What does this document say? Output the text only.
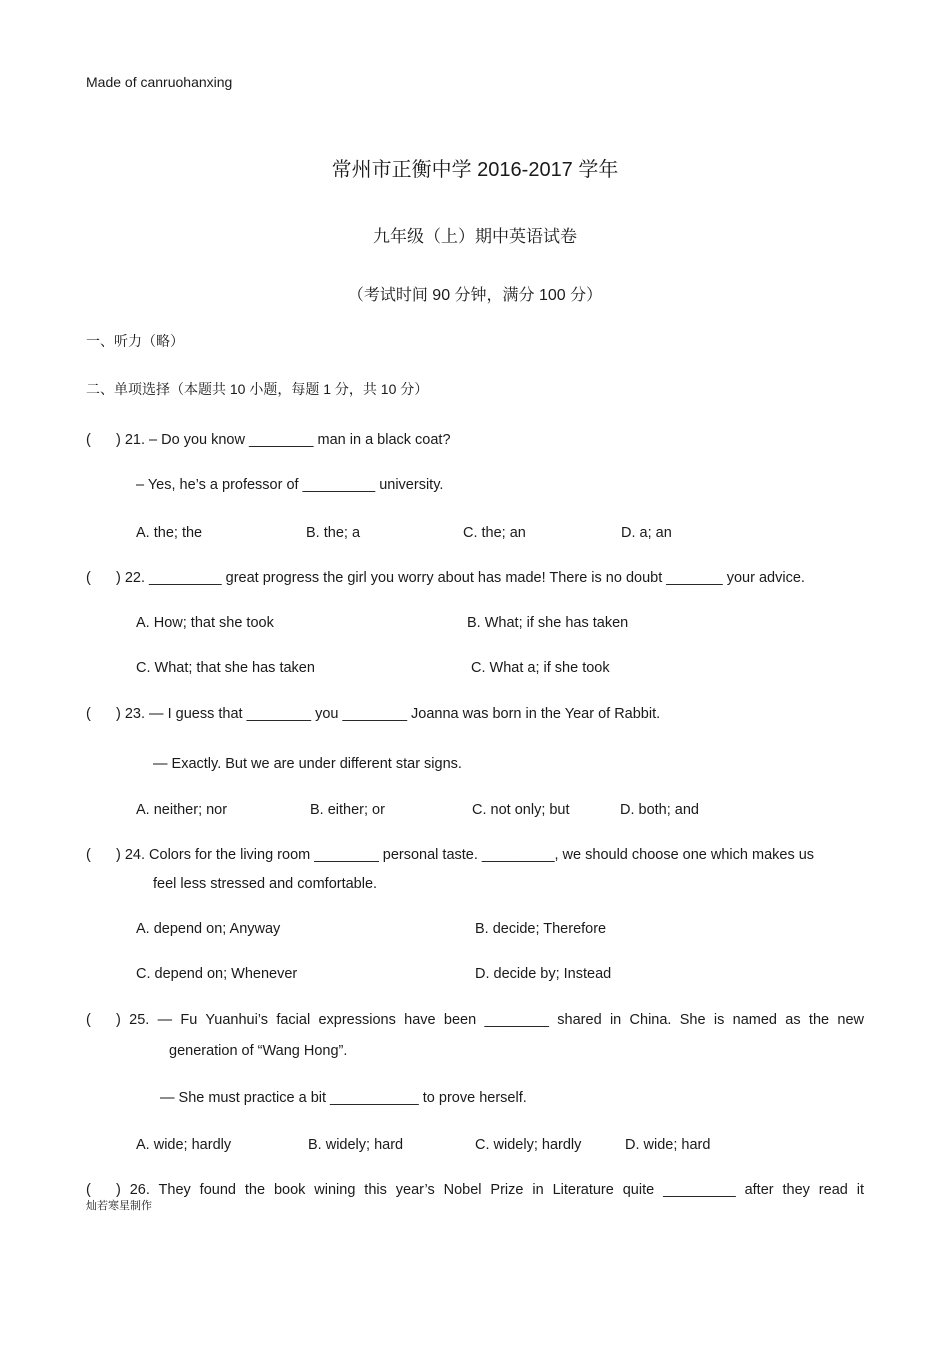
Made of canruohanxing
常州市正衡中学 2016-2017 学年
九年级（上）期中英语试卷
（考试时间 90 分钟，满分 100 分）
一、听力（略）
二、单项选择（本题共 10 小题，每题 1 分，共 10 分）
( ) 21. – Do you know ________ man in a black coat?
– Yes, he’s a professor of _________ university.
A. the; the	B. the; a	C. the; an	D. a; an
( ) 22. _________ great progress the girl you worry about has made! There is no doubt _______ your advice.
A. How; that she took	B. What; if she has taken
C. What; that she has taken	C. What a; if she took
( ) 23. — I guess that ________ you ________ Joanna was born in the Year of Rabbit.
— Exactly. But we are under different star signs.
A. neither; nor	B. either; or	C. not only; but	D. both; and
( ) 24. Colors for the living room ________ personal taste. _________, we should choose one which makes us
feel less stressed and comfortable.
A. depend on; Anyway	B. decide; Therefore
C. depend on; Whenever	D. decide by; Instead
( ) 25. — Fu Yuanhui’s facial expressions have been ________ shared in China. She is named as the new
generation of “Wang Hong”.
— She must practice a bit ___________ to prove herself.
A. wide; hardly	B. widely; hard	C. widely; hardly	D. wide; hard
( ) 26. They found the book wining this year’s Nobel Prize in Literature quite _________ after they read it
灿若寒星制作
